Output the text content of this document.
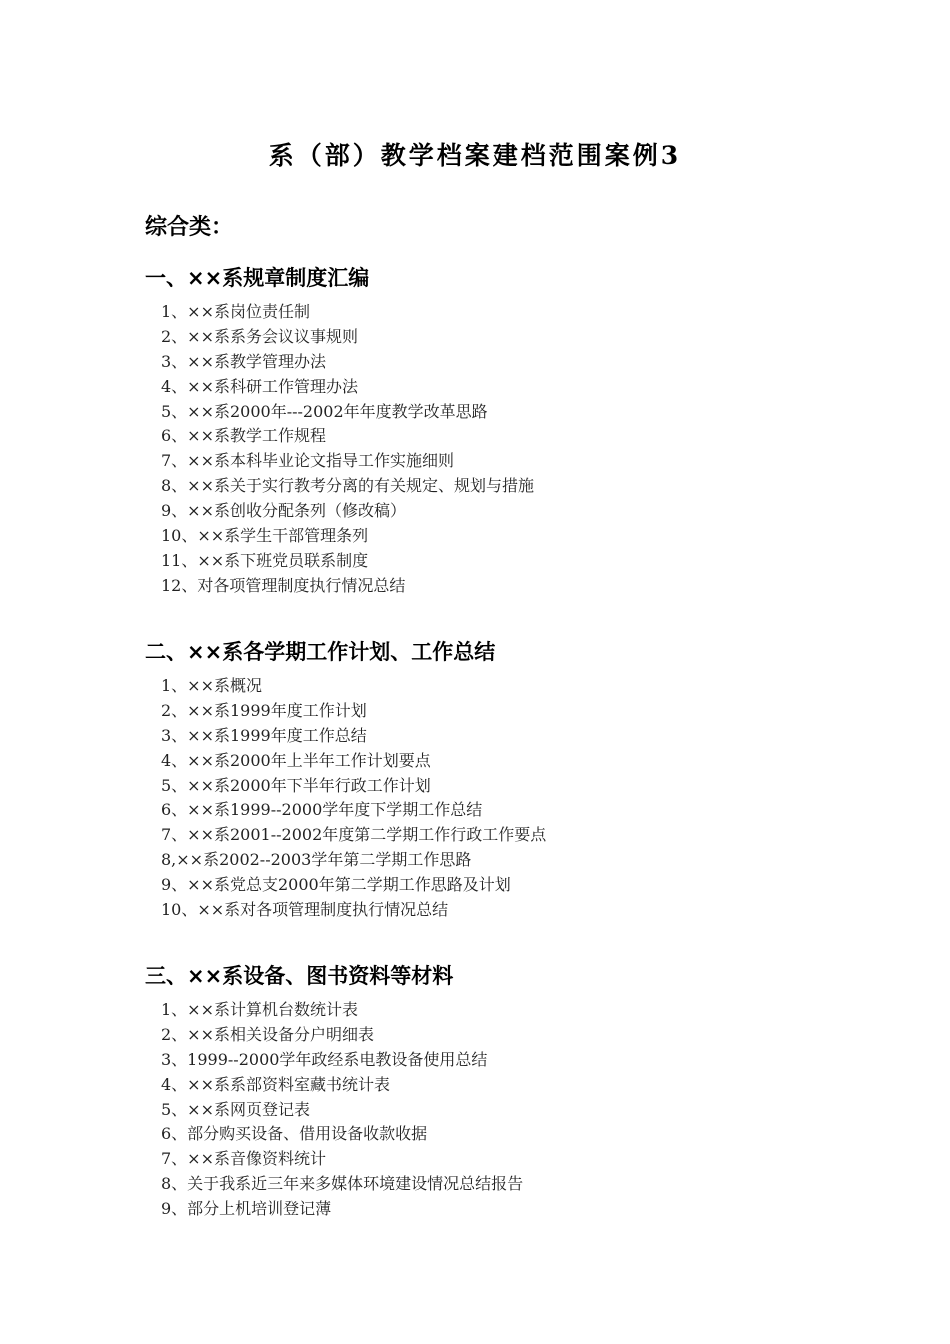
系（部）教学档案建档范围案例3
综合类：
一、××系规章制度汇编
1、××系岗位责任制
2、××系系务会议议事规则
3、××系教学管理办法
4、××系科研工作管理办法
5、××系2000年---2002年年度教学改革思路
6、××系教学工作规程
7、××系本科毕业论文指导工作实施细则
8、××系关于实行教考分离的有关规定、规划与措施
9、××系创收分配条列（修改稿）
10、××系学生干部管理条列
11、××系下班党员联系制度
12、对各项管理制度执行情况总结
二、××系各学期工作计划、工作总结
1、××系概况
2、××系1999年度工作计划
3、××系1999年度工作总结
4、××系2000年上半年工作计划要点
5、××系2000年下半年行政工作计划
6、××系1999--2000学年度下学期工作总结
7、××系2001--2002年度第二学期工作行政工作要点
8,××系2002--2003学年第二学期工作思路
9、××系党总支2000年第二学期工作思路及计划
10、××系对各项管理制度执行情况总结
三、××系设备、图书资料等材料
1、××系计算机台数统计表
2、××系相关设备分户明细表
3、1999--2000学年政经系电教设备使用总结
4、××系系部资料室藏书统计表
5、××系网页登记表
6、部分购买设备、借用设备收款收据
7、××系音像资料统计
8、关于我系近三年来多媒体环境建设情况总结报告
9、部分上机培训登记薄
